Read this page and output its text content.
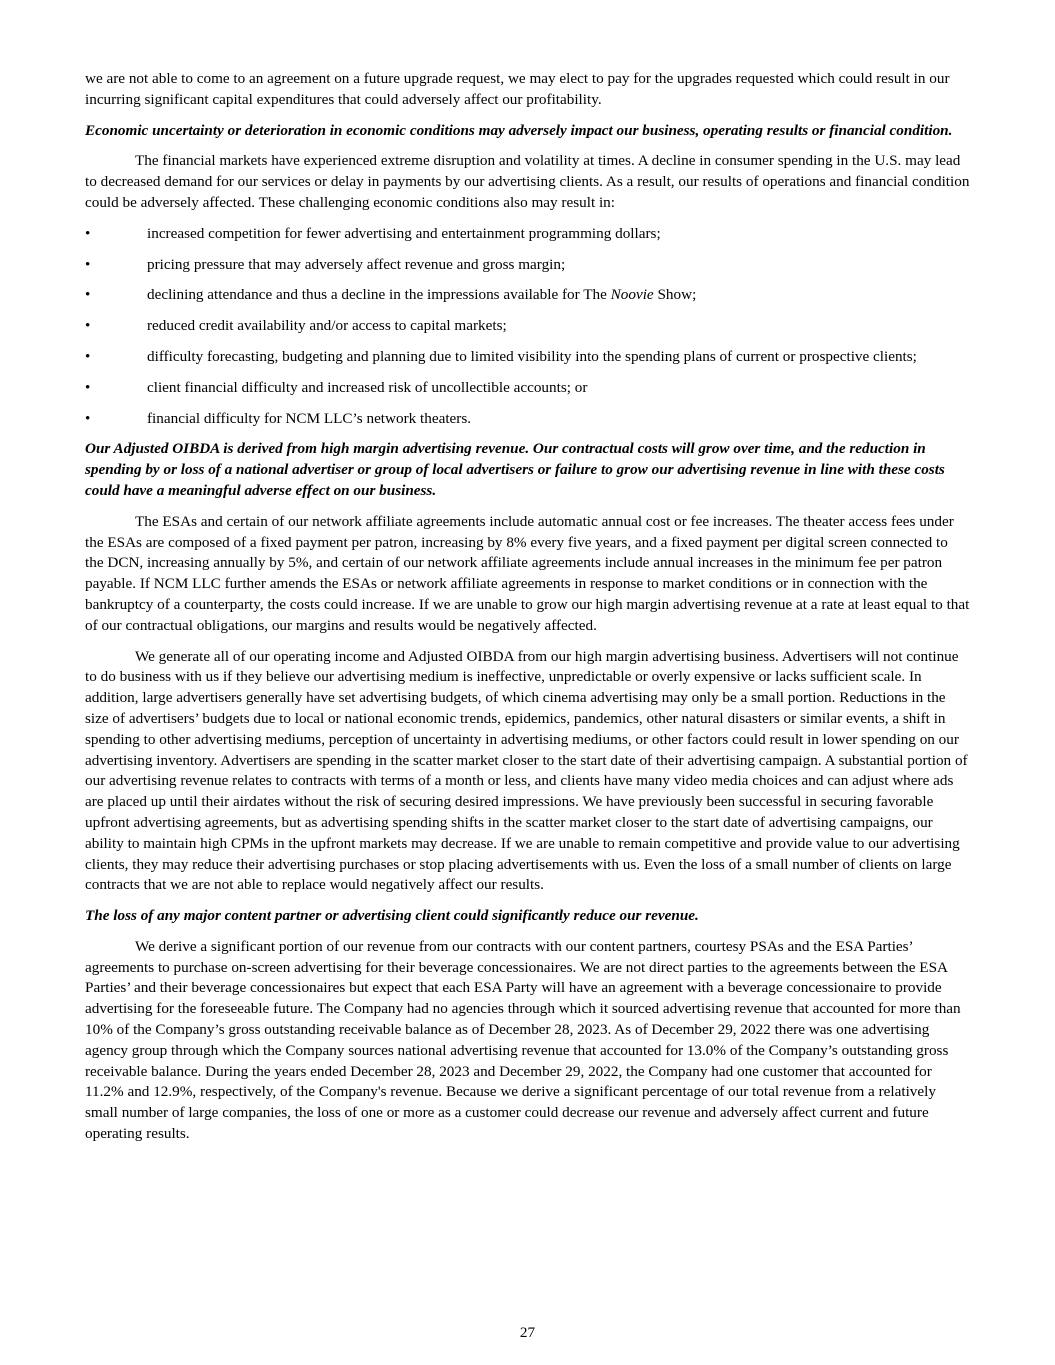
we are not able to come to an agreement on a future upgrade request, we may elect to pay for the upgrades requested which could result in our incurring significant capital expenditures that could adversely affect our profitability.

Economic uncertainty or deterioration in economic conditions may adversely impact our business, operating results or financial condition.

The financial markets have experienced extreme disruption and volatility at times. A decline in consumer spending in the U.S. may lead to decreased demand for our services or delay in payments by our advertising clients. As a result, our results of operations and financial condition could be adversely affected. These challenging economic conditions also may result in:

•	increased competition for fewer advertising and entertainment programming dollars;
•	pricing pressure that may adversely affect revenue and gross margin;
•	declining attendance and thus a decline in the impressions available for The Noovie Show;
•	reduced credit availability and/or access to capital markets;
•	difficulty forecasting, budgeting and planning due to limited visibility into the spending plans of current or prospective clients;
•	client financial difficulty and increased risk of uncollectible accounts; or
•	financial difficulty for NCM LLC’s network theaters.

Our Adjusted OIBDA is derived from high margin advertising revenue. Our contractual costs will grow over time, and the reduction in spending by or loss of a national advertiser or group of local advertisers or failure to grow our advertising revenue in line with these costs could have a meaningful adverse effect on our business.

The ESAs and certain of our network affiliate agreements include automatic annual cost or fee increases. The theater access fees under the ESAs are composed of a fixed payment per patron, increasing by 8% every five years, and a fixed payment per digital screen connected to the DCN, increasing annually by 5%, and certain of our network affiliate agreements include annual increases in the minimum fee per patron payable. If NCM LLC further amends the ESAs or network affiliate agreements in response to market conditions or in connection with the bankruptcy of a counterparty, the costs could increase. If we are unable to grow our high margin advertising revenue at a rate at least equal to that of our contractual obligations, our margins and results would be negatively affected.

We generate all of our operating income and Adjusted OIBDA from our high margin advertising business. Advertisers will not continue to do business with us if they believe our advertising medium is ineffective, unpredictable or overly expensive or lacks sufficient scale. In addition, large advertisers generally have set advertising budgets, of which cinema advertising may only be a small portion. Reductions in the size of advertisers’ budgets due to local or national economic trends, epidemics, pandemics, other natural disasters or similar events, a shift in spending to other advertising mediums, perception of uncertainty in advertising mediums, or other factors could result in lower spending on our advertising inventory. Advertisers are spending in the scatter market closer to the start date of their advertising campaign. A substantial portion of our advertising revenue relates to contracts with terms of a month or less, and clients have many video media choices and can adjust where ads are placed up until their airdates without the risk of securing desired impressions. We have previously been successful in securing favorable upfront advertising agreements, but as advertising spending shifts in the scatter market closer to the start date of advertising campaigns, our ability to maintain high CPMs in the upfront markets may decrease. If we are unable to remain competitive and provide value to our advertising clients, they may reduce their advertising purchases or stop placing advertisements with us. Even the loss of a small number of clients on large contracts that we are not able to replace would negatively affect our results.

The loss of any major content partner or advertising client could significantly reduce our revenue.

We derive a significant portion of our revenue from our contracts with our content partners, courtesy PSAs and the ESA Parties’ agreements to purchase on-screen advertising for their beverage concessionaires. We are not direct parties to the agreements between the ESA Parties’ and their beverage concessionaires but expect that each ESA Party will have an agreement with a beverage concessionaire to provide advertising for the foreseeable future. The Company had no agencies through which it sourced advertising revenue that accounted for more than 10% of the Company’s gross outstanding receivable balance as of December 28, 2023. As of December 29, 2022 there was one advertising agency group through which the Company sources national advertising revenue that accounted for 13.0% of the Company’s outstanding gross receivable balance. During the years ended December 28, 2023 and December 29, 2022, the Company had one customer that accounted for 11.2% and 12.9%, respectively, of the Company's revenue. Because we derive a significant percentage of our total revenue from a relatively small number of large companies, the loss of one or more as a customer could decrease our revenue and adversely affect current and future operating results.

27
